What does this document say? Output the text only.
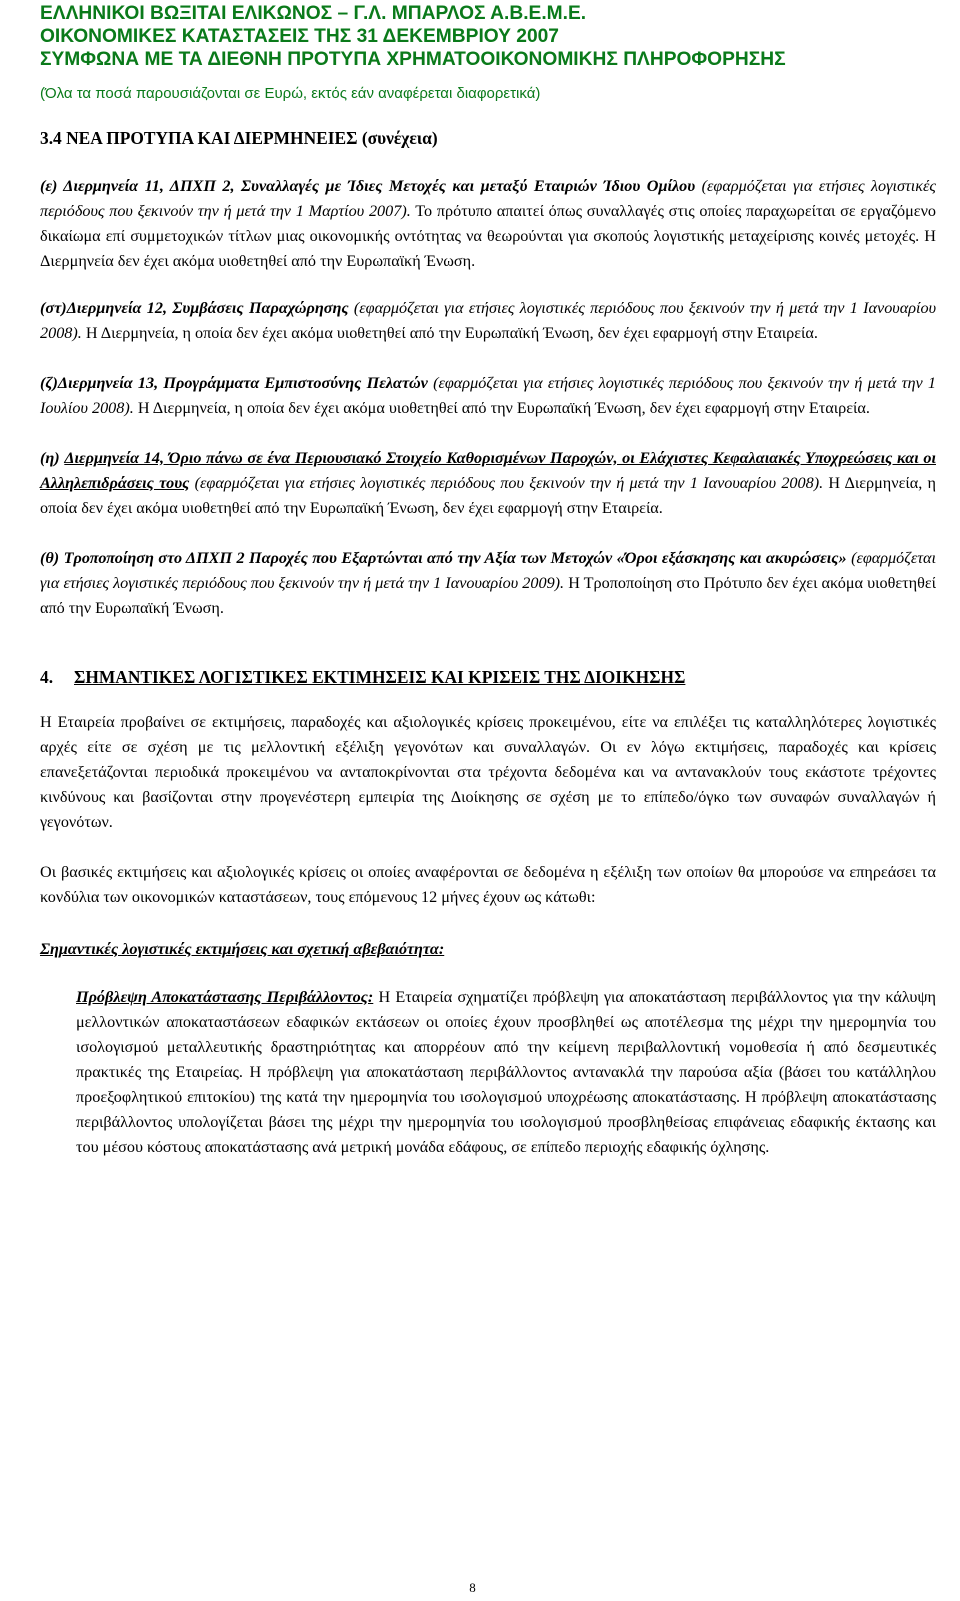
ΕΛΛΗΝΙΚΟΙ ΒΩΞΙΤΑΙ ΕΛΙΚΩΝΟΣ – Γ.Λ. ΜΠΑΡΛΟΣ Α.Β.Ε.Μ.Ε.
ΟΙΚΟΝΟΜΙΚΕΣ ΚΑΤΑΣΤΑΣΕΙΣ ΤΗΣ 31 ΔΕΚΕΜΒΡΙΟΥ 2007
ΣΥΜΦΩΝΑ ΜΕ ΤΑ ΔΙΕΘΝΗ ΠΡΟΤΥΠΑ ΧΡΗΜΑΤΟΟΙΚΟΝΟΜΙΚΗΣ ΠΛΗΡΟΦΟΡΗΣΗΣ
(Όλα τα ποσά παρουσιάζονται σε Ευρώ, εκτός εάν αναφέρεται διαφορετικά)
3.4 ΝΕΑ ΠΡΟΤΥΠΑ ΚΑΙ ΔΙΕΡΜΗΝΕΙΕΣ (συνέχεια)
(ε) Διερμηνεία 11, ΔΠΧΠ 2, Συναλλαγές με Ίδιες Μετοχές και μεταξύ Εταιριών Ίδιου Ομίλου (εφαρμόζεται για ετήσιες λογιστικές περιόδους που ξεκινούν την ή μετά την 1 Μαρτίου 2007). Το πρότυπο απαιτεί όπως συναλλαγές στις οποίες παραχωρείται σε εργαζόμενο δικαίωμα επί συμμετοχικών τίτλων μιας οικονομικής οντότητας να θεωρούνται για σκοπούς λογιστικής μεταχείρισης κοινές μετοχές. Η Διερμηνεία δεν έχει ακόμα υιοθετηθεί από την Ευρωπαϊκή Ένωση.
(στ)Διερμηνεία 12, Συμβάσεις Παραχώρησης (εφαρμόζεται για ετήσιες λογιστικές περιόδους που ξεκινούν την ή μετά την 1 Ιανουαρίου 2008). Η Διερμηνεία, η οποία δεν έχει ακόμα υιοθετηθεί από την Ευρωπαϊκή Ένωση, δεν έχει εφαρμογή στην Εταιρεία.
(ζ)Διερμηνεία 13, Προγράμματα Εμπιστοσύνης Πελατών (εφαρμόζεται για ετήσιες λογιστικές περιόδους που ξεκινούν την ή μετά την 1 Ιουλίου 2008). Η Διερμηνεία, η οποία δεν έχει ακόμα υιοθετηθεί από την Ευρωπαϊκή Ένωση, δεν έχει εφαρμογή στην Εταιρεία.
(η) Διερμηνεία 14, Όριο πάνω σε ένα Περιουσιακό Στοιχείο Καθορισμένων Παροχών, οι Ελάχιστες Κεφαλαιακές Υποχρεώσεις και οι Αλληλεπιδράσεις τους (εφαρμόζεται για ετήσιες λογιστικές περιόδους που ξεκινούν την ή μετά την 1 Ιανουαρίου 2008). Η Διερμηνεία, η οποία δεν έχει ακόμα υιοθετηθεί από την Ευρωπαϊκή Ένωση, δεν έχει εφαρμογή στην Εταιρεία.
(θ) Τροποποίηση στο ΔΠΧΠ 2 Παροχές που Εξαρτώνται από την Αξία των Μετοχών «Όροι εξάσκησης και ακυρώσεις» (εφαρμόζεται για ετήσιες λογιστικές περιόδους που ξεκινούν την ή μετά την 1 Ιανουαρίου 2009). Η Τροποποίηση στο Πρότυπο δεν έχει ακόμα υιοθετηθεί από την Ευρωπαϊκή Ένωση.
4. ΣΗΜΑΝΤΙΚΕΣ ΛΟΓΙΣΤΙΚΕΣ ΕΚΤΙΜΗΣΕΙΣ ΚΑΙ ΚΡΙΣΕΙΣ ΤΗΣ ΔΙΟΙΚΗΣΗΣ
Η Εταιρεία προβαίνει σε εκτιμήσεις, παραδοχές και αξιολογικές κρίσεις προκειμένου, είτε να επιλέξει τις καταλληλότερες λογιστικές αρχές είτε σε σχέση με τις μελλοντική εξέλιξη γεγονότων και συναλλαγών. Οι εν λόγω εκτιμήσεις, παραδοχές και κρίσεις επανεξετάζονται περιοδικά προκειμένου να ανταποκρίνονται στα τρέχοντα δεδομένα και να αντανακλούν τους εκάστοτε τρέχοντες κινδύνους και βασίζονται στην προγενέστερη εμπειρία της Διοίκησης σε σχέση με το επίπεδο/όγκο των συναφών συναλλαγών ή γεγονότων.
Οι βασικές εκτιμήσεις και αξιολογικές κρίσεις οι οποίες αναφέρονται σε δεδομένα η εξέλιξη των οποίων θα μπορούσε να επηρεάσει τα κονδύλια των οικονομικών καταστάσεων, τους επόμενους 12 μήνες έχουν ως κάτωθι:
Σημαντικές λογιστικές εκτιμήσεις και σχετική αβεβαιότητα:
Πρόβλεψη Αποκατάστασης Περιβάλλοντος: Η Εταιρεία σχηματίζει πρόβλεψη για αποκατάσταση περιβάλλοντος για την κάλυψη μελλοντικών αποκαταστάσεων εδαφικών εκτάσεων οι οποίες έχουν προσβληθεί ως αποτέλεσμα της μέχρι την ημερομηνία του ισολογισμού μεταλλευτικής δραστηριότητας και απορρέουν από την κείμενη περιβαλλοντική νομοθεσία ή από δεσμευτικές πρακτικές της Εταιρείας. Η πρόβλεψη για αποκατάσταση περιβάλλοντος αντανακλά την παρούσα αξία (βάσει του κατάλληλου προεξοφλητικού επιτοκίου) της κατά την ημερομηνία του ισολογισμού υποχρέωσης αποκατάστασης. Η πρόβλεψη αποκατάστασης περιβάλλοντος υπολογίζεται βάσει της μέχρι την ημερομηνία του ισολογισμού προσβληθείσας επιφάνειας εδαφικής έκτασης και του μέσου κόστους αποκατάστασης ανά μετρική μονάδα εδάφους, σε επίπεδο περιοχής εδαφικής όχλησης.
8
